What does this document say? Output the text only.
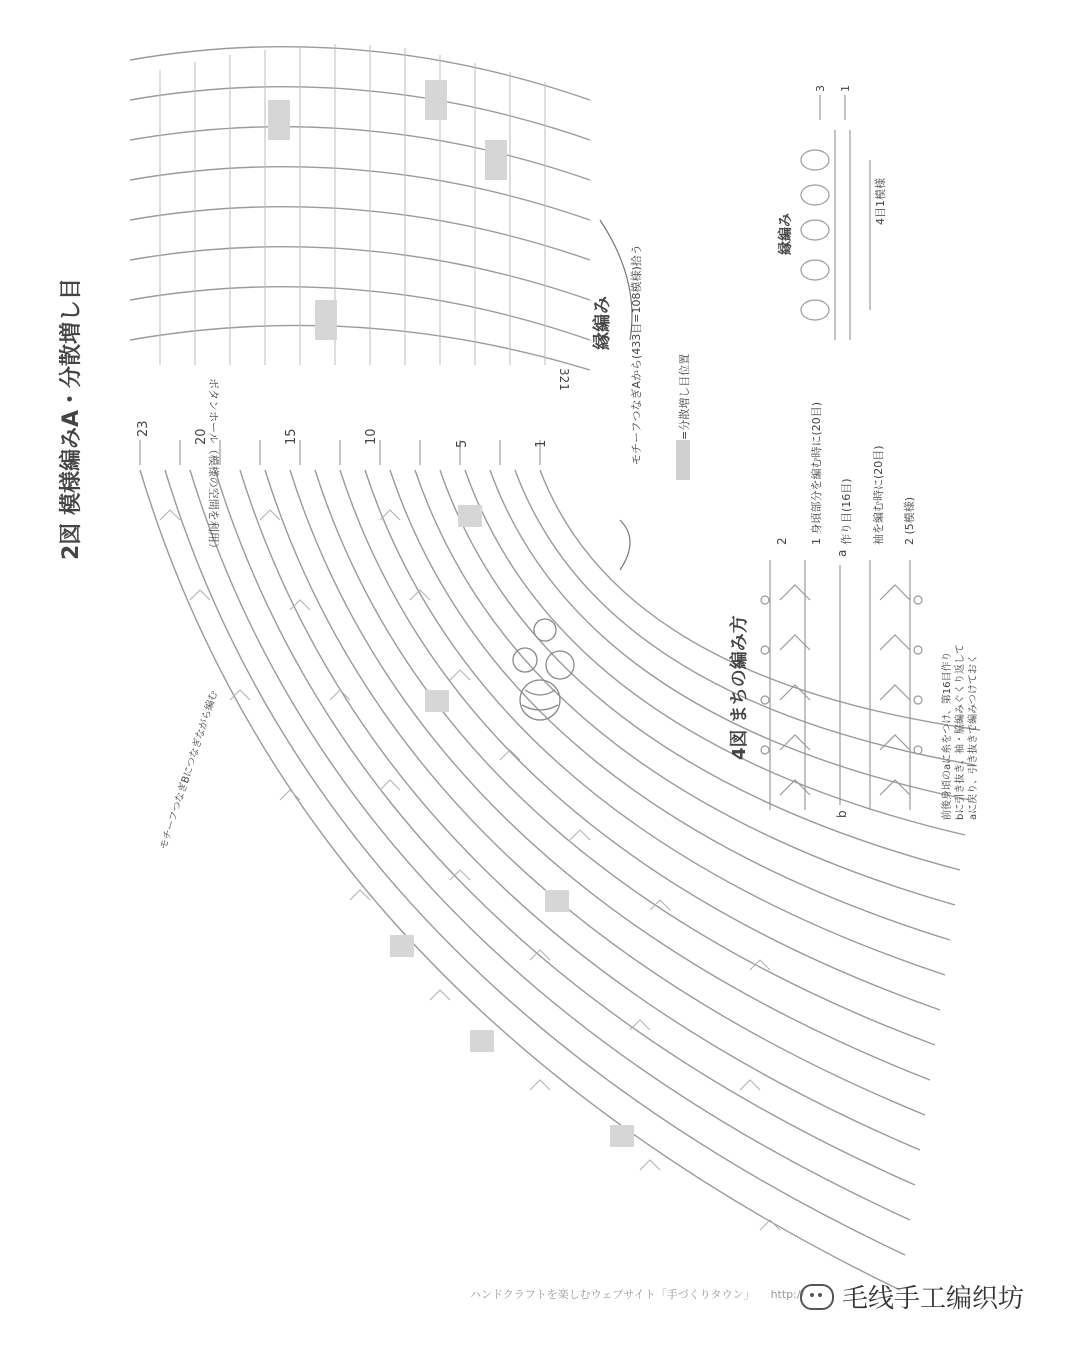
2図 模様編みA・分散増し目
モチーフつなぎBにつなぎながら編む
23	20	15	10	5	1
ボタンホール（模様の空間を利用）	321
縁編み モチーフつなぎAから(433目=108模様)拾う	=分散増し目位置
4図 まちの編み方
2 1 身頃部分を編む時に(20目)
a
b
作り目(16目) 袖を編む時に(20目) 2 (5模様)
前後身頃のaに糸をつけ、第16目作り bに引き抜き、袖・脇編みぐくり返して aに戻り、引き抜きで編みつけておく
縁編み
3 1
4目1模様
ハンドクラフトを楽しむウェブサイト「手づくりタウン」 http:// 毛线手工编织坊
